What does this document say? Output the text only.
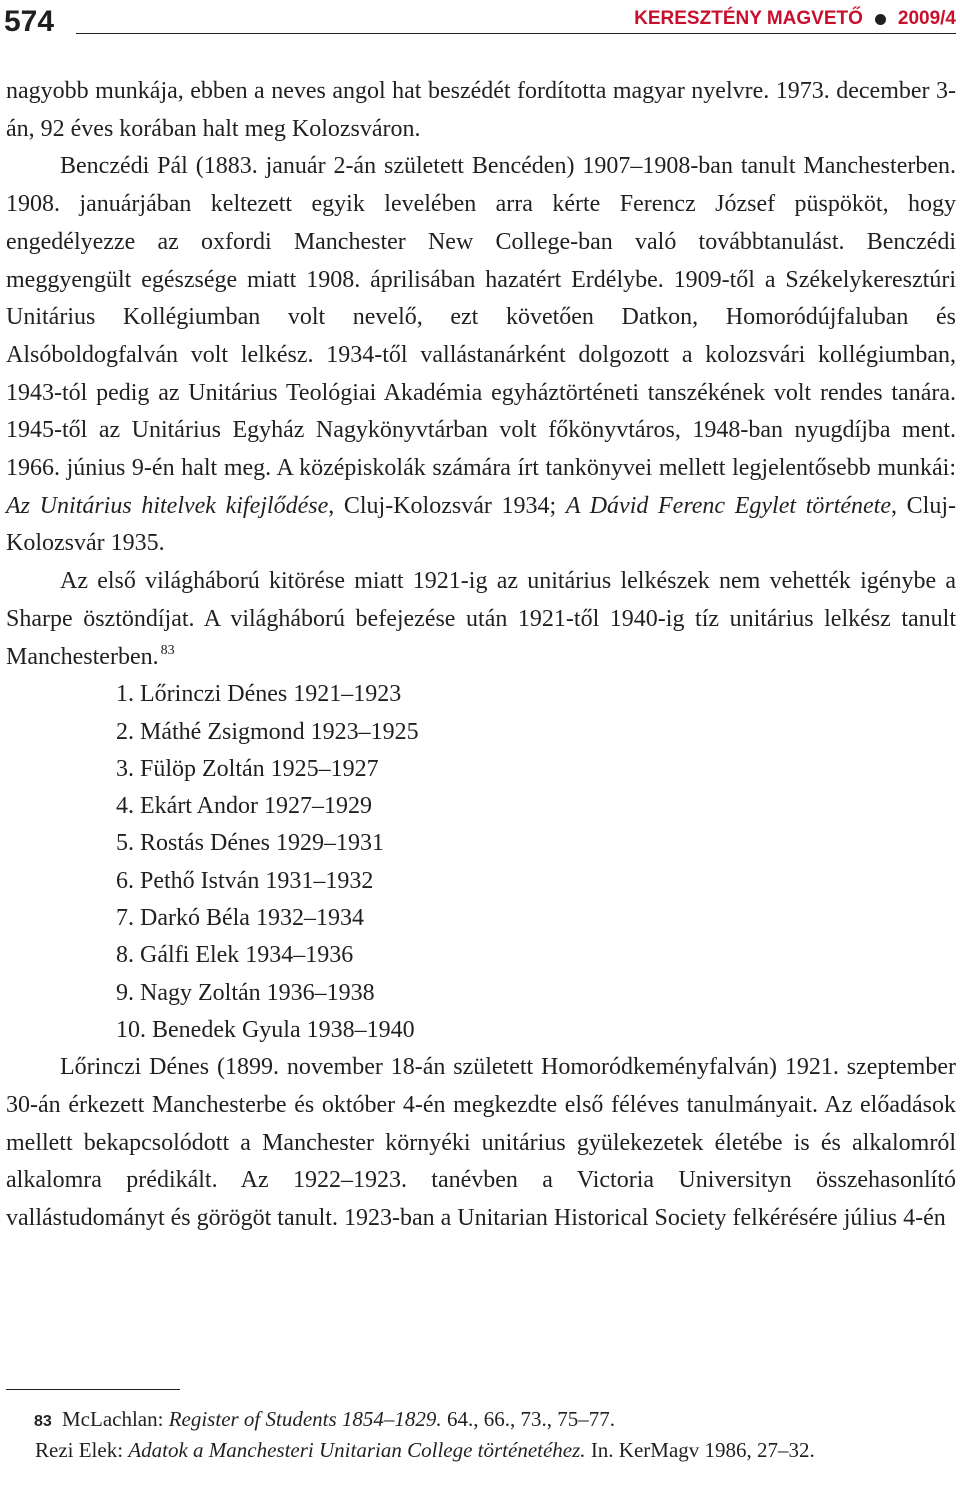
574	KERESZTÉNY MAGVETŐ 2009/4

nagyobb munkája, ebben a neves angol hat beszédét fordította magyar nyelvre. 1973. december 3-án, 92 éves korában halt meg Kolozsváron.

Benczédi Pál (1883. január 2-án született Bencéden) 1907–1908-ban tanult Manchesterben. 1908. januárjában keltezett egyik levelében arra kérte Ferencz József püspököt, hogy engedélyezze az oxfordi Manchester New College-ban való továbbtanulást. Benczédi meggyengült egészsége miatt 1908. áprilisában hazatért Erdélybe. 1909-től a Székelykeresztúri Unitárius Kollégiumban volt nevelő, ezt követően Datkon, Homoródújfaluban és Alsóboldogfalván volt lelkész. 1934-től vallástanárként dolgozott a kolozsvári kollégiumban, 1943-tól pedig az Unitárius Teológiai Akadémia egyháztörténeti tanszékének volt rendes tanára. 1945-től az Unitárius Egyház Nagykönyvtárban volt főkönyvtáros, 1948-ban nyugdíjba ment. 1966. június 9-én halt meg. A középiskolák számára írt tankönyvei mellett legjelentősebb munkái: Az Unitárius hitelvek kifejlődése, Cluj-Kolozsvár 1934; A Dávid Ferenc Egylet története, Cluj-Kolozsvár 1935.

Az első világháború kitörése miatt 1921-ig az unitárius lelkészek nem vehették igénybe a Sharpe ösztöndíjat. A világháború befejezése után 1921-től 1940-ig tíz unitárius lelkész tanult Manchesterben. $^{83}$

1. Lőrinczi Dénes 1921–1923
2. Máthé Zsigmond 1923–1925
3. Fülöp Zoltán 1925–1927
4. Ekárt Andor 1927–1929
5. Rostás Dénes 1929–1931
6. Pethő István 1931–1932
7. Darkó Béla 1932–1934
8. Gálfi Elek 1934–1936
9. Nagy Zoltán 1936–1938
10. Benedek Gyula 1938–1940

Lőrinczi Dénes (1899. november 18-án született Homoródkeményfalván) 1921. szeptember 30-án érkezett Manchesterbe és október 4-én megkezdte első féléves tanulmányait. Az előadások mellett bekapcsolódott a Manchester környéki unitárius gyülekezetek életébe is és alkalomról alkalomra prédikált. Az 1922–1923. tanévben a Victoria Universityn összehasonlító vallástudományt és görögöt tanult. 1923-ban a Unitarian Historical Society felkérésére július 4-én

83 McLachlan: Register of Students 1854–1829. 64., 66., 73., 75–77.

Rezi Elek: Adatok a Manchesteri Unitarian College történetéhez. In. KerMagv 1986, 27–32.
